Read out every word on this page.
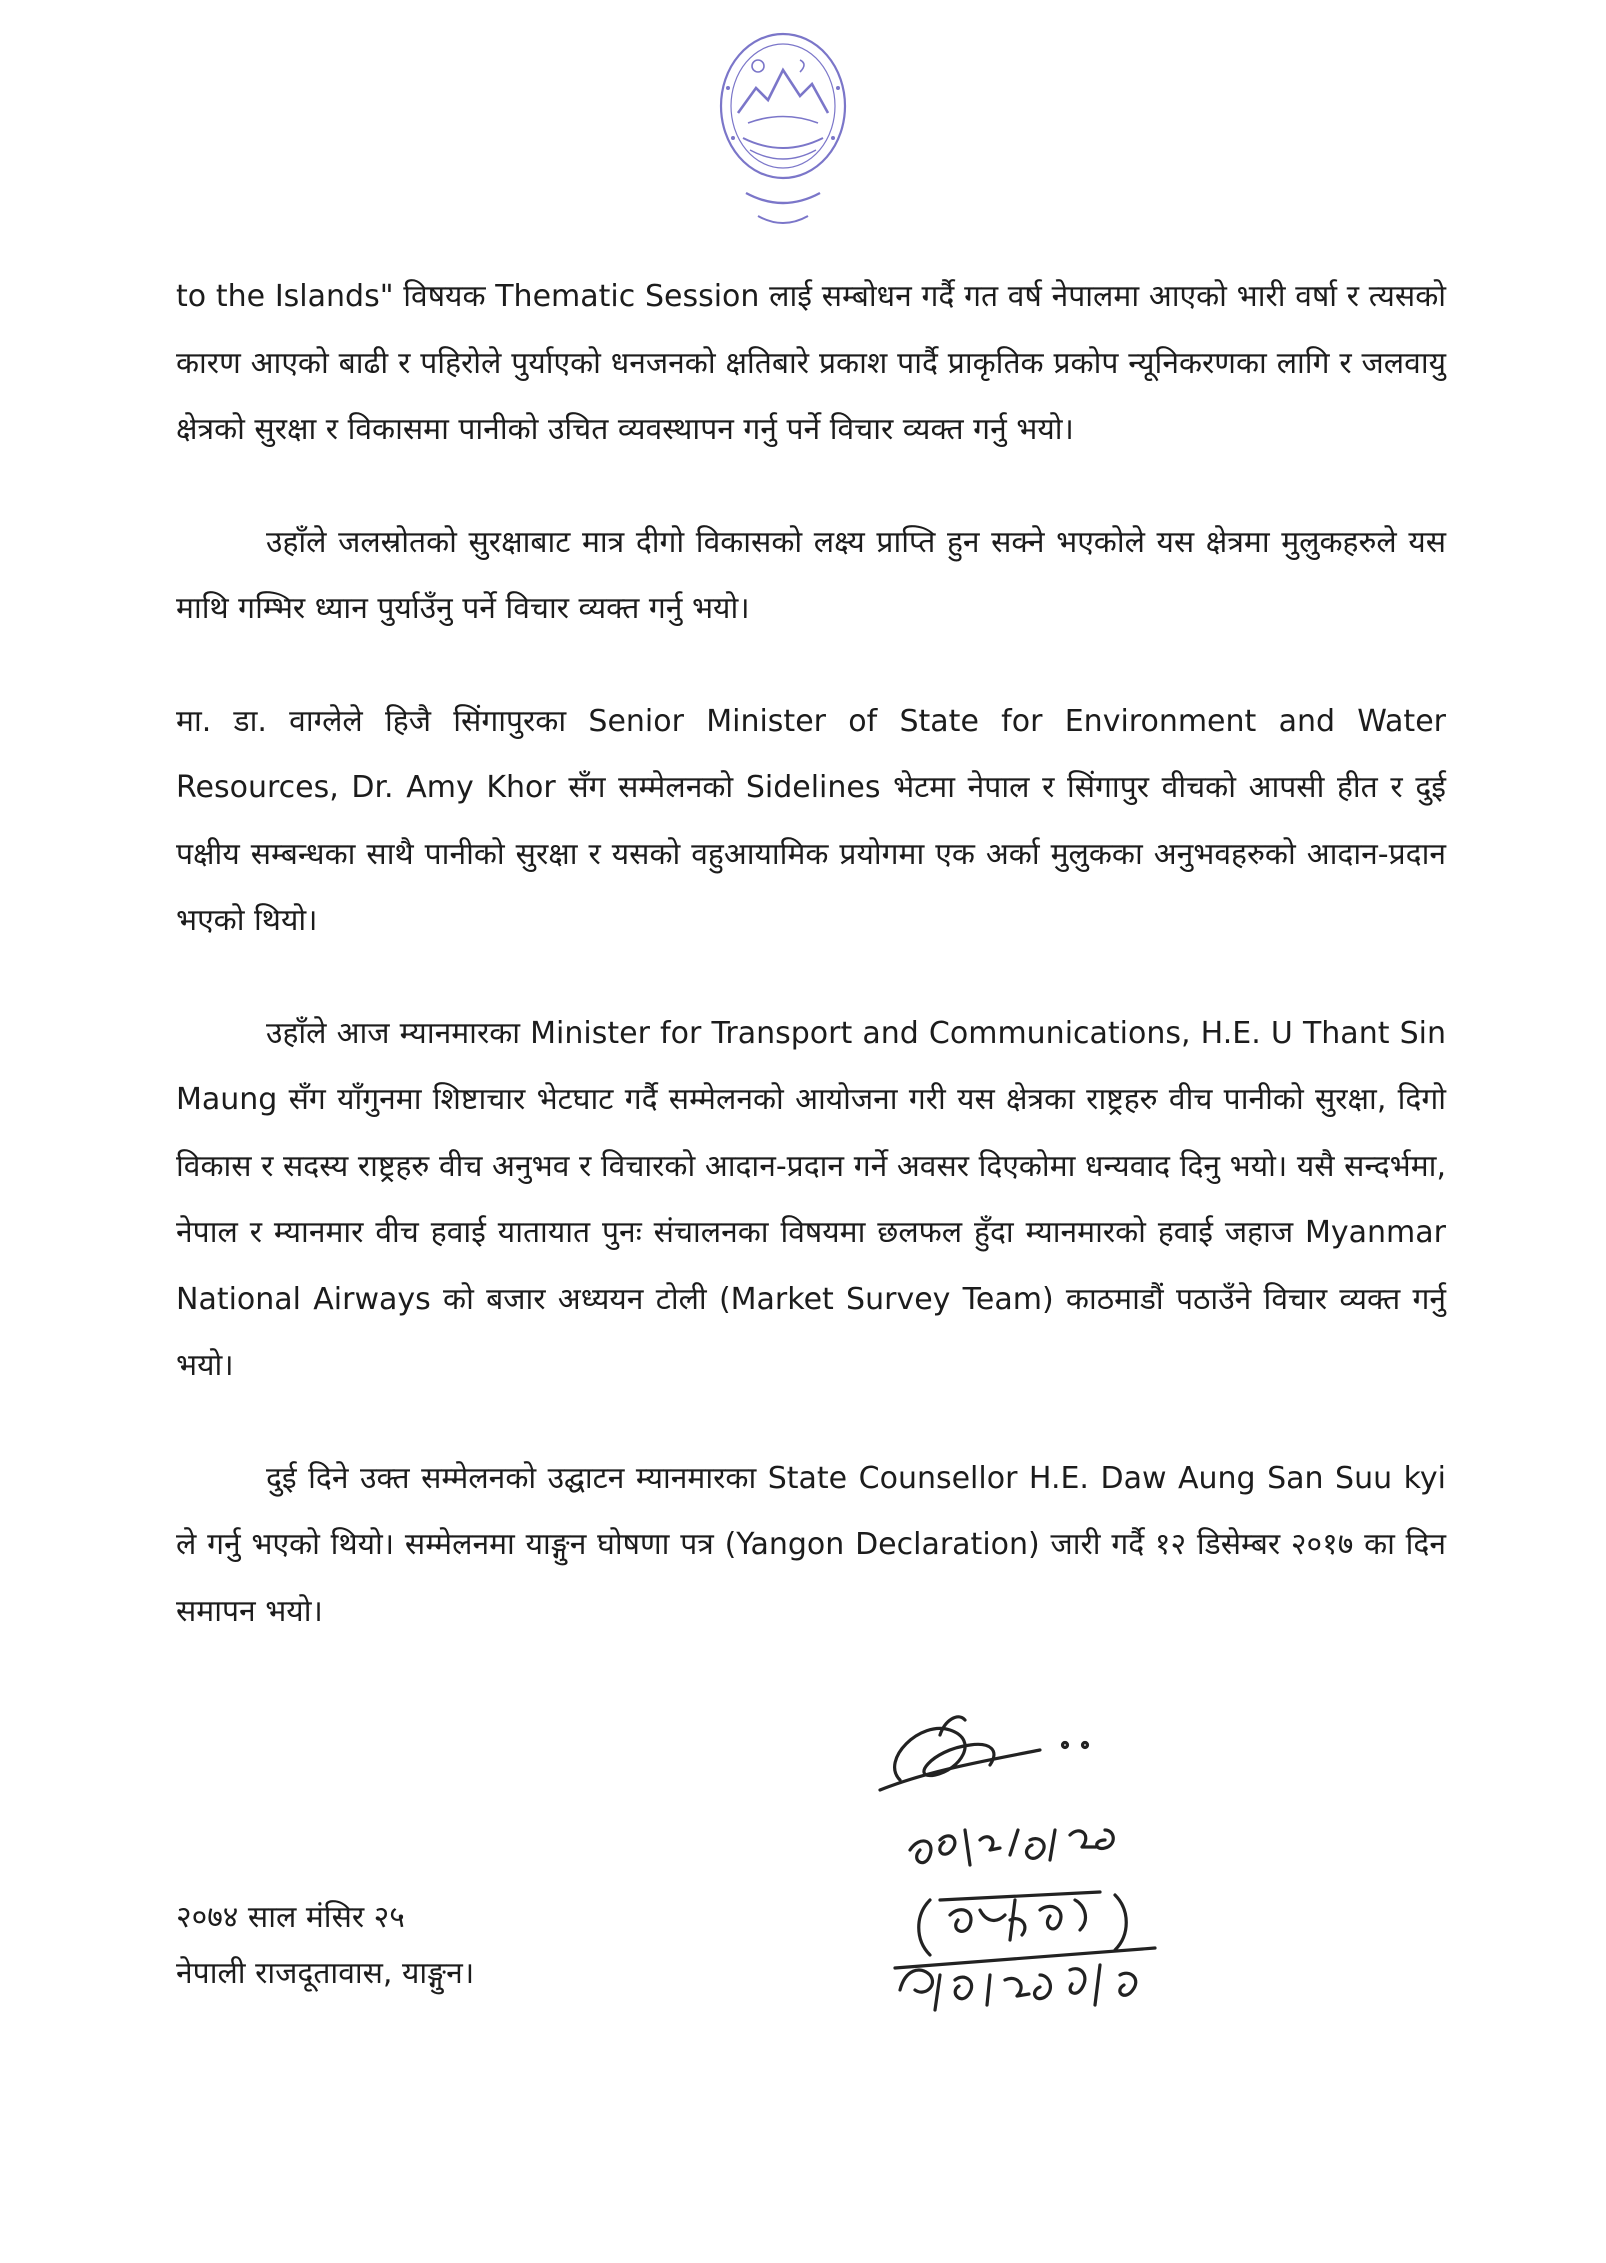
to the Islands" विषयक Thematic Session लाई सम्बोधन गर्दै गत वर्ष नेपालमा आएको भारी वर्षा र त्यसको कारण आएको बाढी र पहिरोले पुर्याएको धनजनको क्षतिबारे प्रकाश पार्दै प्राकृतिक प्रकोप न्यूनिकरणका लागि र जलवायु क्षेत्रको सुरक्षा र विकासमा पानीको उचित व्यवस्थापन गर्नु पर्ने विचार व्यक्त गर्नु भयो।

उहाँले जलस्रोतको सुरक्षाबाट मात्र दीगो विकासको लक्ष्य प्राप्ति हुन सक्ने भएकोले यस क्षेत्रमा मुलुकहरुले यस माथि गम्भिर ध्यान पुर्याउँनु पर्ने विचार व्यक्त गर्नु भयो।

मा. डा. वाग्लेले हिजै सिंगापुरका Senior Minister of State for Environment and Water Resources, Dr. Amy Khor सँग सम्मेलनको Sidelines भेटमा नेपाल र सिंगापुर वीचको आपसी हीत र दुई पक्षीय सम्बन्धका साथै पानीको सुरक्षा र यसको वहुआयामिक प्रयोगमा एक अर्का मुलुकका अनुभवहरुको आदान-प्रदान भएको थियो।

उहाँले आज म्यानमारका Minister for Transport and Communications, H.E. U Thant Sin Maung सँग याँगुनमा शिष्टाचार भेटघाट गर्दै सम्मेलनको आयोजना गरी यस क्षेत्रका राष्ट्रहरु वीच पानीको सुरक्षा, दिगो विकास र सदस्य राष्ट्रहरु वीच अनुभव र विचारको आदान-प्रदान गर्ने अवसर दिएकोमा धन्यवाद दिनु भयो। यसै सन्दर्भमा, नेपाल र म्यानमार वीच हवाई यातायात पुनः संचालनका विषयमा छलफल हुँदा म्यानमारको हवाई जहाज Myanmar National Airways को बजार अध्ययन टोली (Market Survey Team) काठमाडौं पठाउँने विचार व्यक्त गर्नु भयो।

दुई दिने उक्त सम्मेलनको उद्घाटन म्यानमारका State Counsellor H.E. Daw Aung San Suu kyi ले गर्नु भएको थियो। सम्मेलनमा याङ्गुन घोषणा पत्र (Yangon Declaration) जारी गर्दै १२ डिसेम्बर २०१७ का दिन समापन भयो।

२०७४ साल मंसिर २५
नेपाली राजदूतावास, याङ्गुन।
